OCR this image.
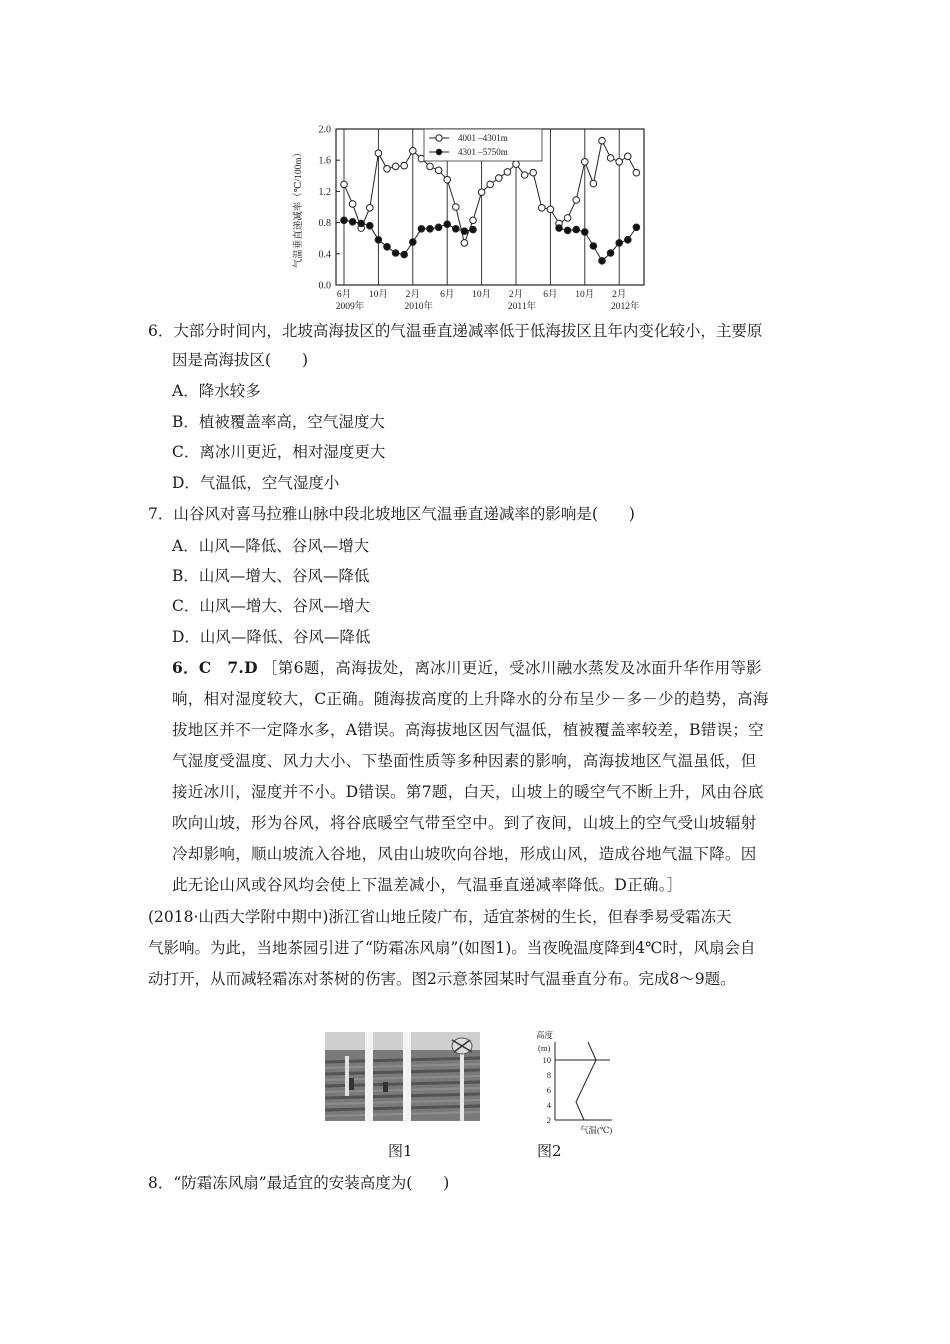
2.0
1.6
1.2
0.8
0.4
0.0
6月 10月 2月 6月 10月 2月 6月 10月 2月
2009年	2010年	2011年	2012年
气温垂直递减率（℃/100m）
4001 –4301m
4301 –5750m
6．大部分时间内，北坡高海拔区的气温垂直递减率低于低海拔区且年内变化较小，主要原
因是高海拔区(　　)
A．降水较多
B．植被覆盖率高，空气湿度大
C．离冰川更近，相对湿度更大
D．气温低，空气湿度小
7．山谷风对喜马拉雅山脉中段北坡地区气温垂直递减率的影响是(　　)
A．山风—降低、谷风—增大
B．山风—增大、谷风—降低
C．山风—增大、谷风—增大
D．山风—降低、谷风—降低
6．C　7.D ［第6题，高海拔处，离冰川更近，受冰川融水蒸发及冰面升华作用等影
响，相对湿度较大，C正确。随海拔高度的上升降水的分布呈少－多－少的趋势，高海
拔地区并不一定降水多，A错误。高海拔地区因气温低，植被覆盖率较差，B错误；空
气湿度受温度、风力大小、下垫面性质等多种因素的影响，高海拔地区气温虽低，但
接近冰川，湿度并不小。D错误。第7题，白天，山坡上的暖空气不断上升，风由谷底
吹向山坡，形为谷风，将谷底暖空气带至空中。到了夜间，山坡上的空气受山坡辐射
冷却影响，顺山坡流入谷地，风由山坡吹向谷地，形成山风，造成谷地气温下降。因
此无论山风或谷风均会使上下温差减小，气温垂直递减率降低。D正确。］
(2018·山西大学附中期中)浙江省山地丘陵广布，适宜茶树的生长，但春季易受霜冻天
气影响。为此，当地茶园引进了“防霜冻风扇”(如图1)。当夜晚温度降到4℃时，风扇会自
动打开，从而减轻霜冻对茶树的伤害。图2示意茶园某时气温垂直分布。完成8～9题。
高度
(m)
10
8
6
4
2
气温(℃)
图1	图2
8．“防霜冻风扇”最适宜的安装高度为(　　)
